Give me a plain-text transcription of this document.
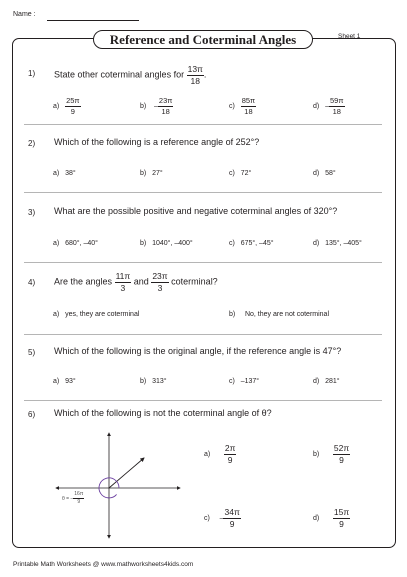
Name :
Reference and Coterminal Angles	Sheet 1
1) State other coterminal angles for $\frac{13\pi}{18}$ .
$a) \frac{25\pi}{9}$	$b) - \frac{23\pi}{18}$	$c) \frac{85\pi}{18}$	$d) - \frac{59\pi}{18}$
2) Which of the following is a reference angle of 252°?
a) 38°	b) 27°	c) 72°	d) 58°
3) What are the possible positive and negative coterminal angles of 320°?
a) 680°, –40°	b) 1040°, –400°	c) 675°, –45°	d) 135°, –405°
4) Are the angles $\frac{11\pi}{3}$ and $\frac{23\pi}{3}$ coterminal?
a) yes, they are coterminal	b) No, they are not coterminal
5) Which of the following is the original angle, if the reference angle is 47°?
a) 93°	b) 313°	c) –137°	d) 281°
6) Which of the following is not the coterminal angle of θ?
θ = – $\frac{16\pi}{9}$
$a) \frac{2\pi}{9}$	$b) \frac{52\pi}{9}$
$c) - \frac{34\pi}{9}$	$d) \frac{15\pi}{9}$
Printable Math Worksheets @ www.mathworksheets4kids.com
